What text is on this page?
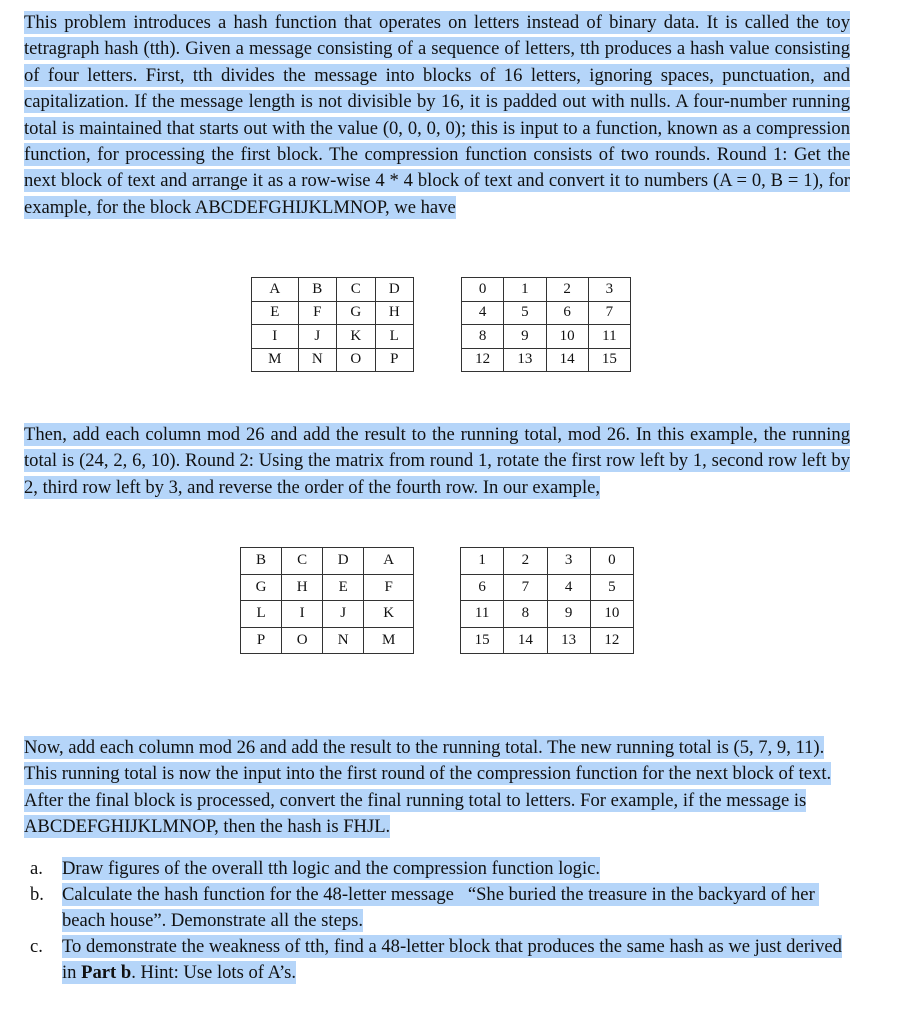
This problem introduces a hash function that operates on letters instead of binary data. It is called the toy tetragraph hash (tth). Given a message consisting of a sequence of letters, tth produces a hash value consisting of four letters. First, tth divides the message into blocks of 16 letters, ignoring spaces, punctuation, and capitalization. If the message length is not divisible by 16, it is padded out with nulls. A four-number running total is maintained that starts out with the value (0, 0, 0, 0); this is input to a function, known as a compression function, for processing the first block. The compression function consists of two rounds. Round 1: Get the next block of text and arrange it as a row-wise 4 * 4 block of text and convert it to numbers (A = 0, B = 1), for example, for the block ABCDEFGHIJKLMNOP, we have

A	B	C	D
E	F	G	H
I	J	K	L
M	N	O	P
0	1	2	3
4	5	6	7
8	9	10	11
12	13	14	15

Then, add each column mod 26 and add the result to the running total, mod 26. In this example, the running total is (24, 2, 6, 10). Round 2: Using the matrix from round 1, rotate the first row left by 1, second row left by 2, third row left by 3, and reverse the order of the fourth row. In our example,

B	C	D	A
G	H	E	F
L	I	J	K
P	O	N	M
1	2	3	0
6	7	4	5
11	8	9	10
15	14	13	12

Now, add each column mod 26 and add the result to the running total. The new running total is (5, 7, 9, 11). This running total is now the input into the first round of the compression function for the next block of text. After the final block is processed, convert the final running total to letters. For example, if the message is ABCDEFGHIJKLMNOP, then the hash is FHJL.

a. Draw figures of the overall tth logic and the compression function logic.
b. Calculate the hash function for the 48-letter message   “She buried the treasure in the backyard of her beach house”. Demonstrate all the steps.
c. To demonstrate the weakness of tth, find a 48-letter block that produces the same hash as we just derived in Part b. Hint: Use lots of A’s.
